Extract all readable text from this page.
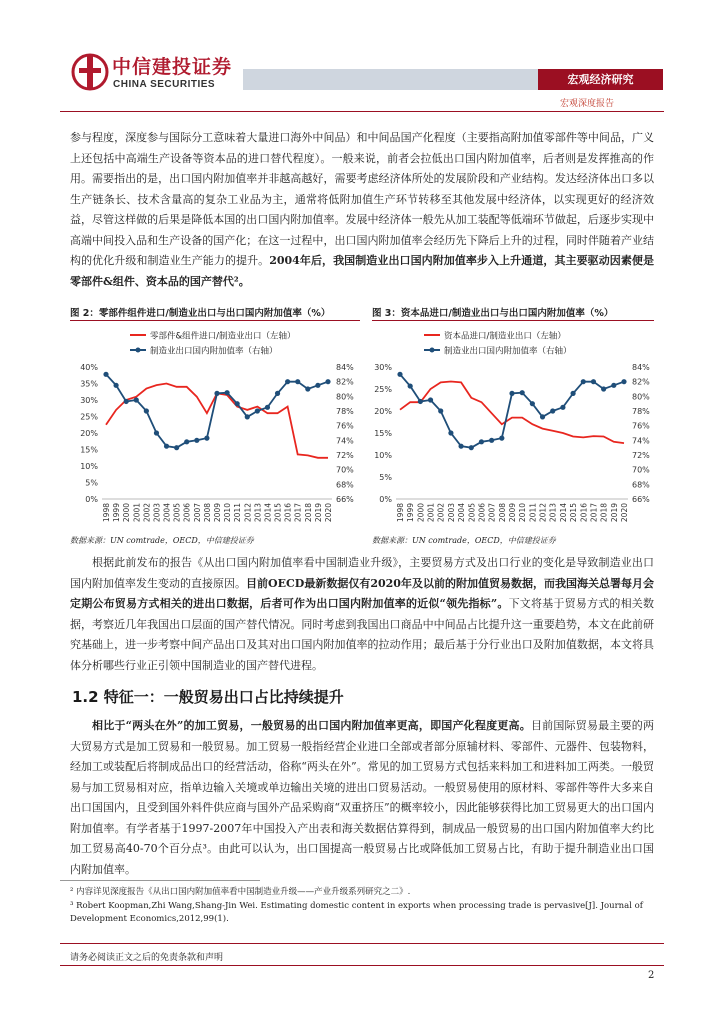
中信建投证券
CHINA SECURITIES	宏观经济研究
宏观深度报告
参与程度，深度参与国际分工意味着大量进口海外中间品）和中间品国产化程度（主要指高附加值零部件等中间品，广义上还包括中高端生产设备等资本品的进口替代程度）。一般来说，前者会拉低出口国内附加值率，后者则是发挥推高的作用。需要指出的是，出口国内附加值率并非越高越好，需要考虑经济体所处的发展阶段和产业结构。发达经济体出口多以生产链条长、技术含量高的复杂工业品为主，通常将低附加值生产环节转移至其他发展中经济体，以实现更好的经济效益，尽管这样做的后果是降低本国的出口国内附加值率。发展中经济体一般先从加工装配等低端环节做起，后逐步实现中高端中间投入品和生产设备的国产化；在这一过程中，出口国内附加值率会经历先下降后上升的过程，同时伴随着产业结构的优化升级和制造业生产能力的提升。2004年后，我国制造业出口国内附加值率步入上升通道，其主要驱动因素便是零部件&组件、资本品的国产替代²。
图 2：零部件组件进口/制造业出口与出口国内附加值率（%）	图 3：资本品进口/制造业出口与出口国内附加值率（%）
零部件&组件进口/制造业出口（左轴）
制造业出口国内附加值率（右轴）
0%
5%
10%
15%
20%
25%
30%
35%
40%
66%
68%
70%
72%
74%
76%
78%
80%
82%
84%
1998 1999 2000 2001 2002 2003 2004 2005 2006 2007 2008 2009 2010 2011 2012 2013 2014 2015 2016 2017 2018 2019 2020
资本品进口/制造业出口（左轴）
制造业出口国内附加值率（右轴）
0%
5%
10%
15%
20%
25%
30%
66%
68%
70%
72%
74%
76%
78%
80%
82%
84%
1998 1999 2000 2001 2002 2003 2004 2005 2006 2007 2008 2009 2010 2011 2012 2013 2014 2015 2016 2017 2018 2019 2020
数据来源：UN comtrade，OECD，中信建投证券	数据来源：UN comtrade，OECD，中信建投证券
根据此前发布的报告《从出口国内附加值率看中国制造业升级》，主要贸易方式及出口行业的变化是导致制造业出口国内附加值率发生变动的直接原因。目前OECD最新数据仅有2020年及以前的附加值贸易数据，而我国海关总署每月会定期公布贸易方式相关的进出口数据，后者可作为出口国内附加值率的近似“领先指标”。下文将基于贸易方式的相关数据，考察近几年我国出口层面的国产替代情况。同时考虑到我国出口商品中中间品占比提升这一重要趋势，本文在此前研究基础上，进一步考察中间产品出口及其对出口国内附加值率的拉动作用；最后基于分行业出口及附加值数据，本文将具体分析哪些行业正引领中国制造业的国产替代进程。
1.2 特征一：一般贸易出口占比持续提升
相比于“两头在外”的加工贸易，一般贸易的出口国内附加值率更高，即国产化程度更高。目前国际贸易最主要的两大贸易方式是加工贸易和一般贸易。加工贸易一般指经营企业进口全部或者部分原辅材料、零部件、元器件、包装物料，经加工或装配后将制成品出口的经营活动，俗称“两头在外”。常见的加工贸易方式包括来料加工和进料加工两类。一般贸易与加工贸易相对应，指单边输入关境或单边输出关境的进出口贸易活动。一般贸易使用的原材料、零部件等件大多来自出口国国内，且受到国外料件供应商与国外产品采购商“双重挤压”的概率较小，因此能够获得比加工贸易更大的出口国内附加值率。有学者基于1997-2007年中国投入产出表和海关数据估算得到，制成品一般贸易的出口国内附加值率大约比加工贸易高40-70个百分点³。由此可以认为，出口国提高一般贸易占比或降低加工贸易占比，有助于提升制造业出口国内附加值率。
² 内容详见深度报告《从出口国内附加值率看中国制造业升级——产业升级系列研究之二》.
³ Robert Koopman,Zhi Wang,Shang-Jin Wei. Estimating domestic content in exports when processing trade is pervasive[J]. Journal of Development Economics,2012,99(1).
请务必阅读正文之后的免责条款和声明
2
